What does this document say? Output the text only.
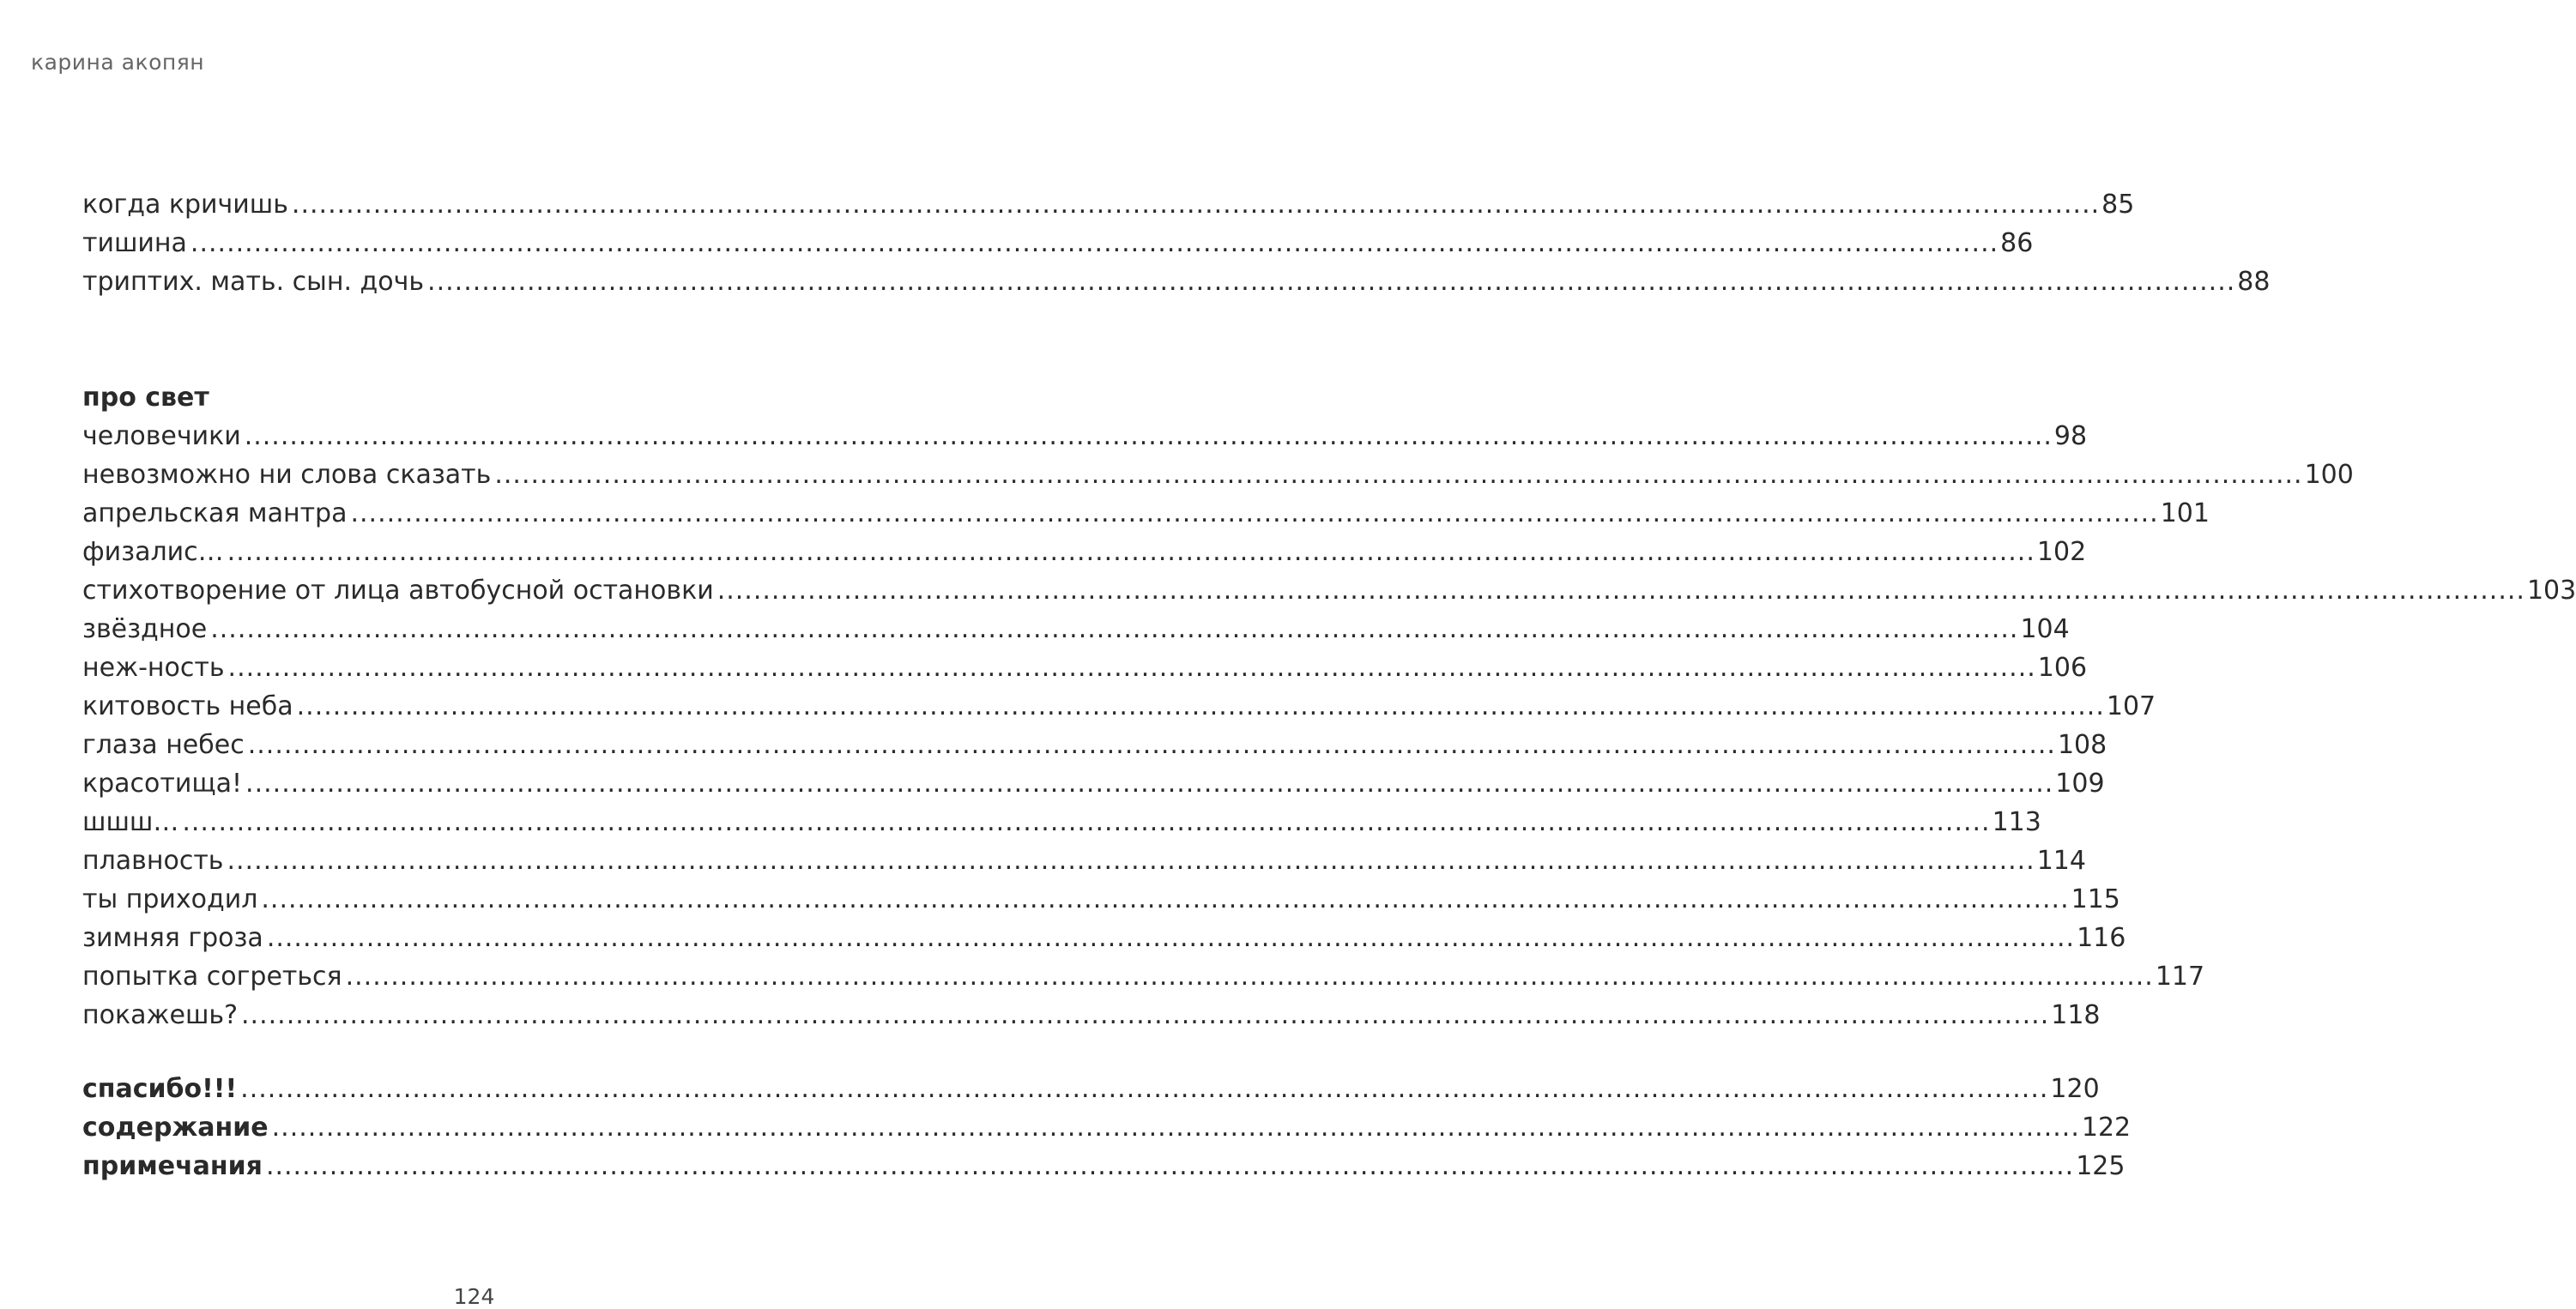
карина акопян
когда кричишь ........................................................................................................................................................................................................ 85
тишина ........................................................................................................................................................................................................ 86
триптих. мать. сын. дочь ........................................................................................................................................................................................................ 88
про свет
человечики ........................................................................................................................................................................................................ 98
невозможно ни слова сказать ........................................................................................................................................................................................................ 100
апрельская мантра ........................................................................................................................................................................................................ 101
физалис… ........................................................................................................................................................................................................ 102
стихотворение от лица автобусной остановки ........................................................................................................................................................................................................ 103
звёздное ........................................................................................................................................................................................................ 104
неж-ность ........................................................................................................................................................................................................ 106
китовость неба ........................................................................................................................................................................................................ 107
глаза небес ........................................................................................................................................................................................................ 108
красотища! ........................................................................................................................................................................................................ 109
шшш… ........................................................................................................................................................................................................ 113
плавность ........................................................................................................................................................................................................ 114
ты приходил ........................................................................................................................................................................................................ 115
зимняя гроза ........................................................................................................................................................................................................ 116
попытка согреться ........................................................................................................................................................................................................ 117
покажешь? ........................................................................................................................................................................................................ 118
спасибо!!! ........................................................................................................................................................................................................ 120
содержание ........................................................................................................................................................................................................ 122
примечания ........................................................................................................................................................................................................ 125
124
